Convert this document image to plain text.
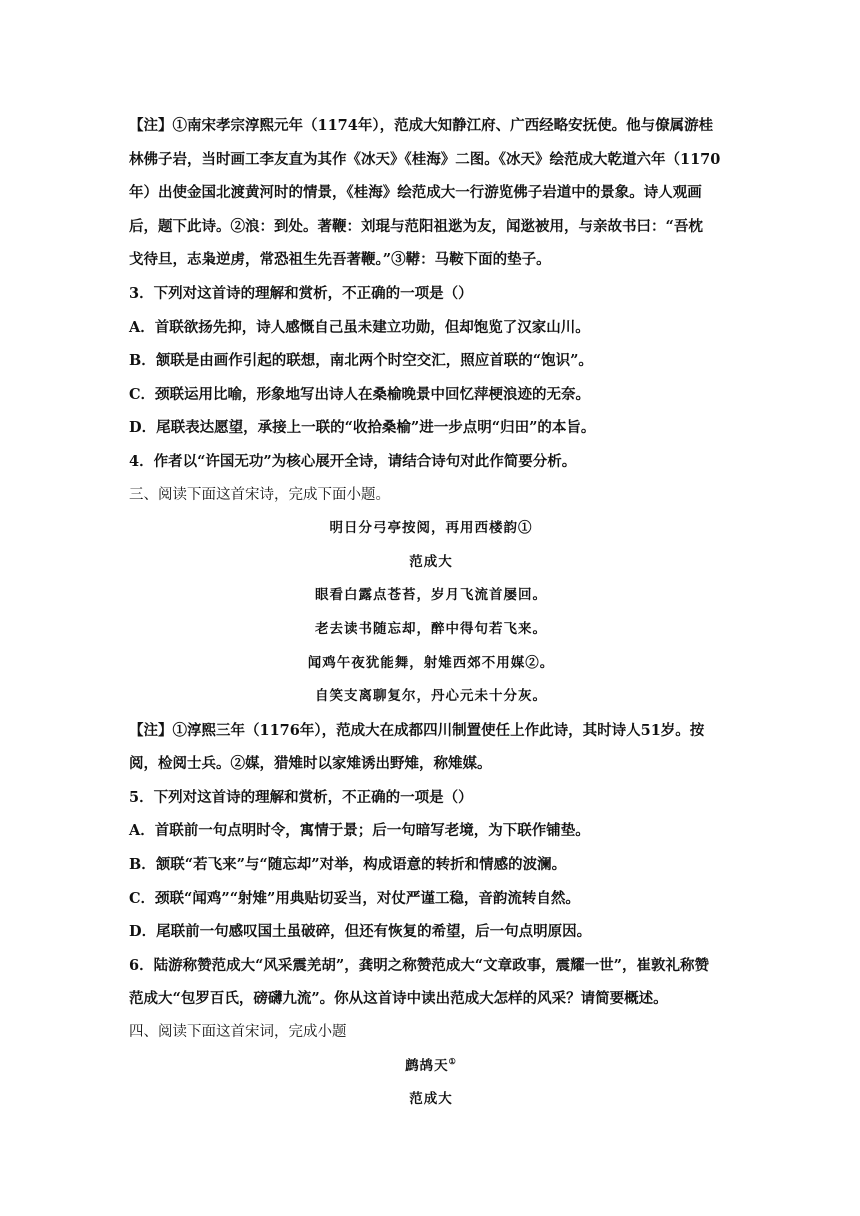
【注】①南宋孝宗淳熙元年（1174年），范成大知静江府、广西经略安抚使。他与僚属游桂
林佛子岩，当时画工李友直为其作《冰天》《桂海》二图。《冰天》绘范成大乾道六年（1170
年）出使金国北渡黄河时的情景，《桂海》绘范成大一行游览佛子岩道中的景象。诗人观画
后，题下此诗。②浪：到处。著鞭：刘琨与范阳祖逖为友，闻逖被用，与亲故书曰：“吾枕
戈待旦，志枭逆虏，常恐祖生先吾著鞭。”③鞯：马鞍下面的垫子。
3．下列对这首诗的理解和赏析，不正确的一项是（）
A．首联欲扬先抑，诗人感慨自己虽未建立功勋，但却饱览了汉家山川。
B．颔联是由画作引起的联想，南北两个时空交汇，照应首联的“饱识”。
C．颈联运用比喻，形象地写出诗人在桑榆晚景中回忆萍梗浪迹的无奈。
D．尾联表达愿望，承接上一联的“收拾桑榆”进一步点明“归田”的本旨。
4．作者以“许国无功”为核心展开全诗，请结合诗句对此作简要分析。
三、阅读下面这首宋诗，完成下面小题。
明日分弓亭按阅，再用西楼韵①
范成大
眼看白露点苍苔，岁月飞流首屡回。
老去读书随忘却，醉中得句若飞来。
闻鸡午夜犹能舞，射雉西郊不用媒②。
自笑支离聊复尔，丹心元未十分灰。
【注】①淳熙三年（1176年），范成大在成都四川制置使任上作此诗，其时诗人51岁。按
阅，检阅士兵。②媒，猎雉时以家雉诱出野雉，称雉媒。
5．下列对这首诗的理解和赏析，不正确的一项是（）
A．首联前一句点明时令，寓情于景；后一句暗写老境，为下联作铺垫。
B．颔联“若飞来”与“随忘却”对举，构成语意的转折和情感的波澜。
C．颈联“闻鸡”“射雉”用典贴切妥当，对仗严谨工稳，音韵流转自然。
D．尾联前一句感叹国土虽破碎，但还有恢复的希望，后一句点明原因。
6．陆游称赞范成大“风采震羌胡”，龚明之称赞范成大“文章政事，震耀一世”，崔敦礼称赞
范成大“包罗百氏，磅礴九流”。你从这首诗中读出范成大怎样的风采？请简要概述。
四、阅读下面这首宋词，完成小题
鹧鸪天①
范成大
